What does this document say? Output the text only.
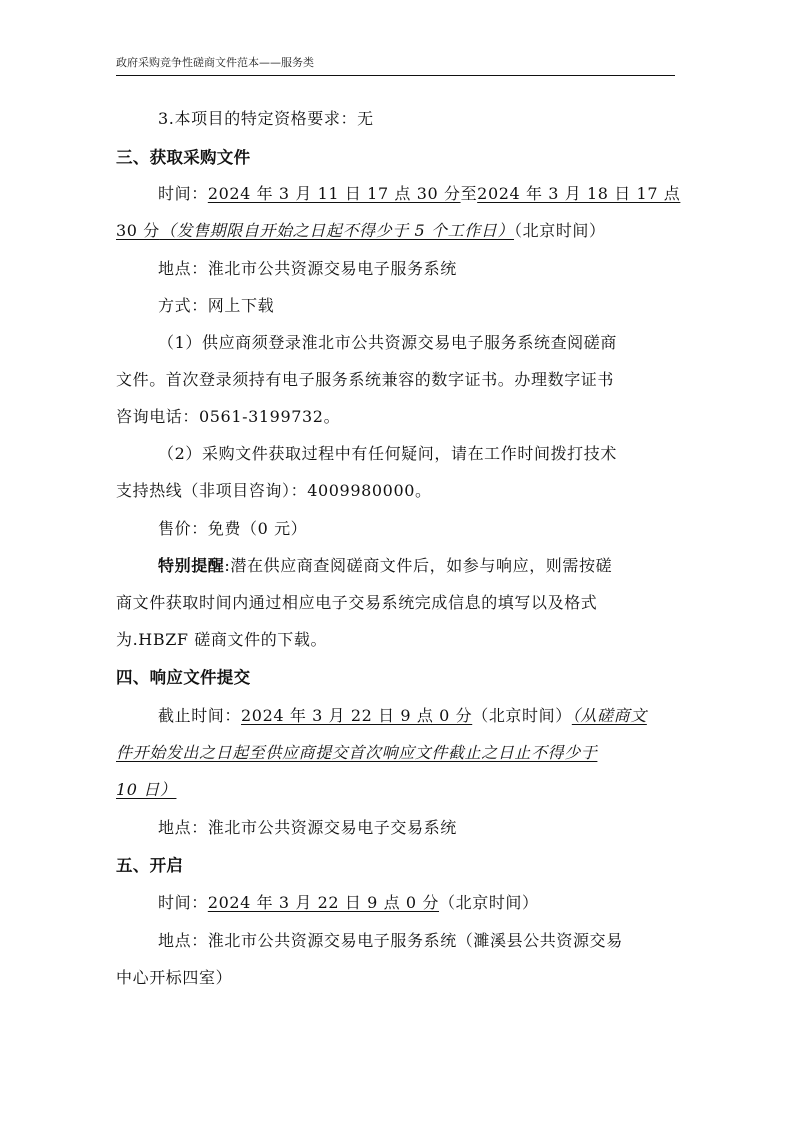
政府采购竞争性磋商文件范本——服务类
3.本项目的特定资格要求：无
三、获取采购文件
时间：2024 年 3 月 11 日 17 点 30 分至2024 年 3 月 18 日 17 点
30 分（发售期限自开始之日起不得少于 5 个工作日）（北京时间）
地点：淮北市公共资源交易电子服务系统
方式：网上下载
（1）供应商须登录淮北市公共资源交易电子服务系统查阅磋商
文件。首次登录须持有电子服务系统兼容的数字证书。办理数字证书
咨询电话：0561-3199732。
（2）采购文件获取过程中有任何疑问，请在工作时间拨打技术
支持热线（非项目咨询）：4009980000。
售价：免费（0 元）
特别提醒:潜在供应商查阅磋商文件后，如参与响应，则需按磋
商文件获取时间内通过相应电子交易系统完成信息的填写以及格式
为.HBZF 磋商文件的下载。
四、响应文件提交
截止时间：2024 年 3 月 22 日 9 点 0 分（北京时间）（从磋商文
件开始发出之日起至供应商提交首次响应文件截止之日止不得少于
10 日）
地点：淮北市公共资源交易电子交易系统
五、开启
时间：2024 年 3 月 22 日 9 点 0 分（北京时间）
地点：淮北市公共资源交易电子服务系统（濉溪县公共资源交易
中心开标四室）
